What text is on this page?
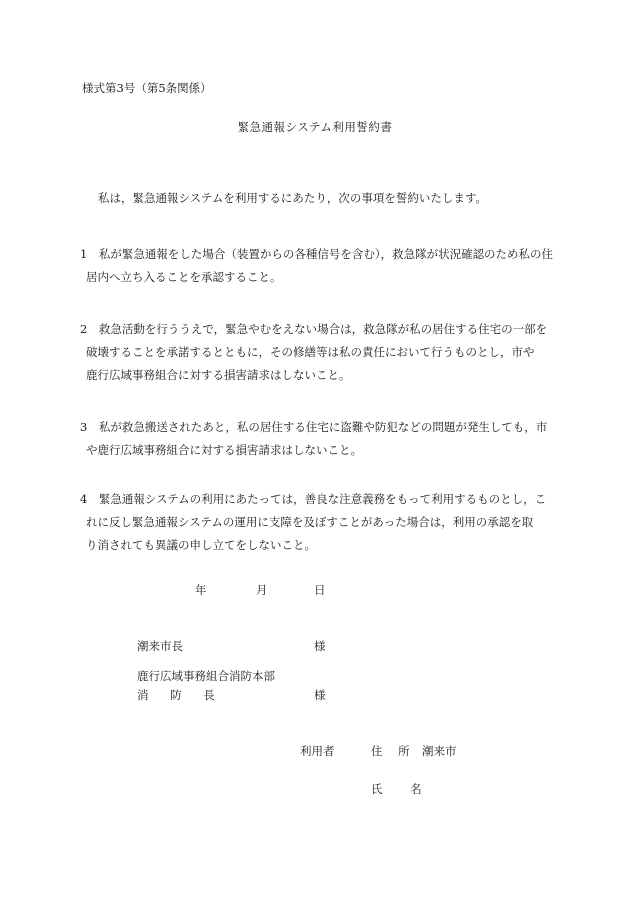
様式第3号（第5条関係）
緊急通報システム利用誓約書
私は，緊急通報システムを利用するにあたり，次の事項を誓約いたします。
1　私が緊急通報をした場合（装置からの各種信号を含む），救急隊が状況確認のため私の住
居内へ立ち入ることを承認すること。
2　救急活動を行ううえで，緊急やむをえない場合は，救急隊が私の居住する住宅の一部を
破壊することを承諾するとともに，その修繕等は私の責任において行うものとし，市や
鹿行広域事務組合に対する損害請求はしないこと。
3　私が救急搬送されたあと，私の居住する住宅に盗難や防犯などの問題が発生しても，市
や鹿行広域事務組合に対する損害請求はしないこと。
4　緊急通報システムの利用にあたっては，善良な注意義務をもって利用するものとし，こ
れに反し緊急通報システムの運用に支障を及ぼすことがあった場合は，利用の承認を取
り消されても異議の申し立てをしないこと。
年	月	日
潮来市長	様
鹿行広域事務組合消防本部
消 防 長	様
利用者	住 所 潮来市
氏 名
